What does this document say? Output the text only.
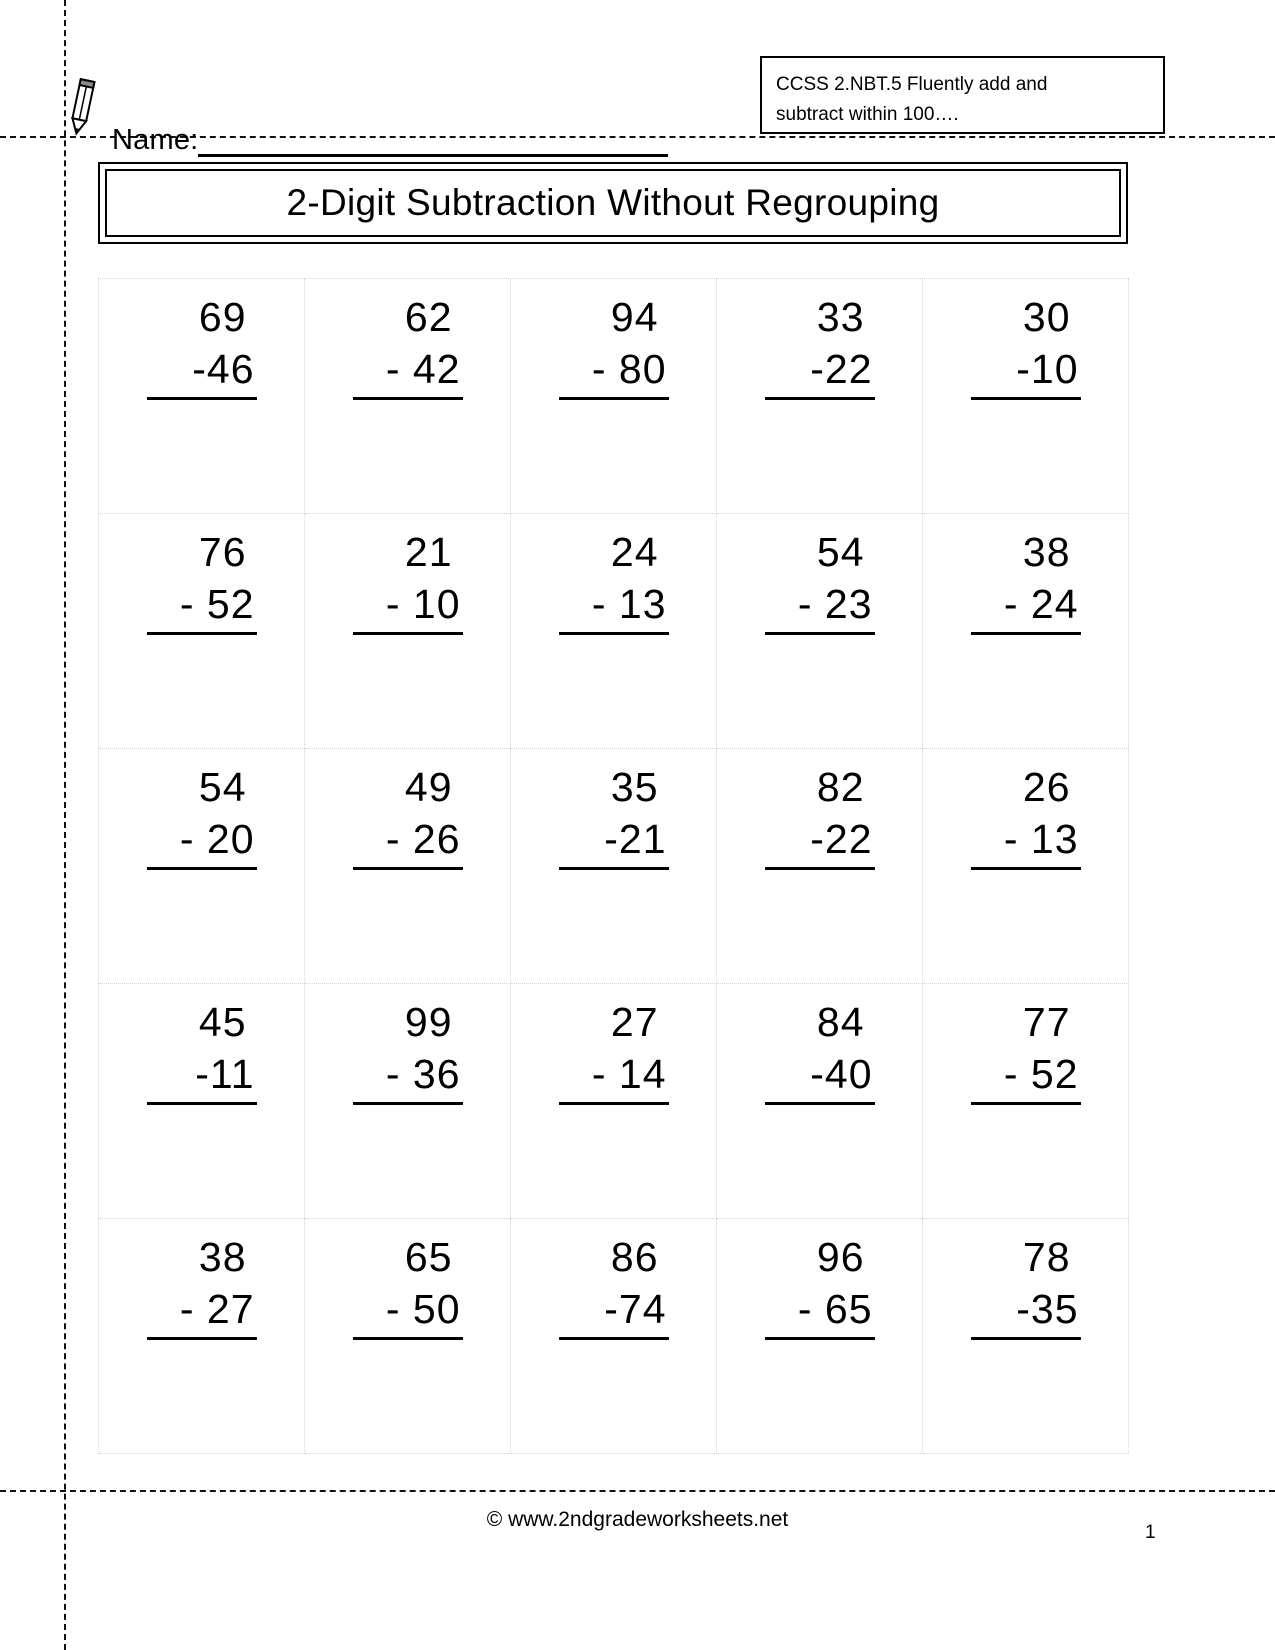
Name:
CCSS 2.NBT.5 Fluently add and
subtract within 100….
2-Digit Subtraction Without Regrouping
69
-46
62
- 42
94
- 80
33
-22
30
-10
76
- 52
21
- 10
24
- 13
54
- 23
38
- 24
54
- 20
49
- 26
35
-21
82
-22
26
- 13
45
-11
99
- 36
27
- 14
84
-40
77
- 52
38
- 27
65
- 50
86
-74
96
- 65
78
-35
© www.2ndgradeworksheets.net
1
